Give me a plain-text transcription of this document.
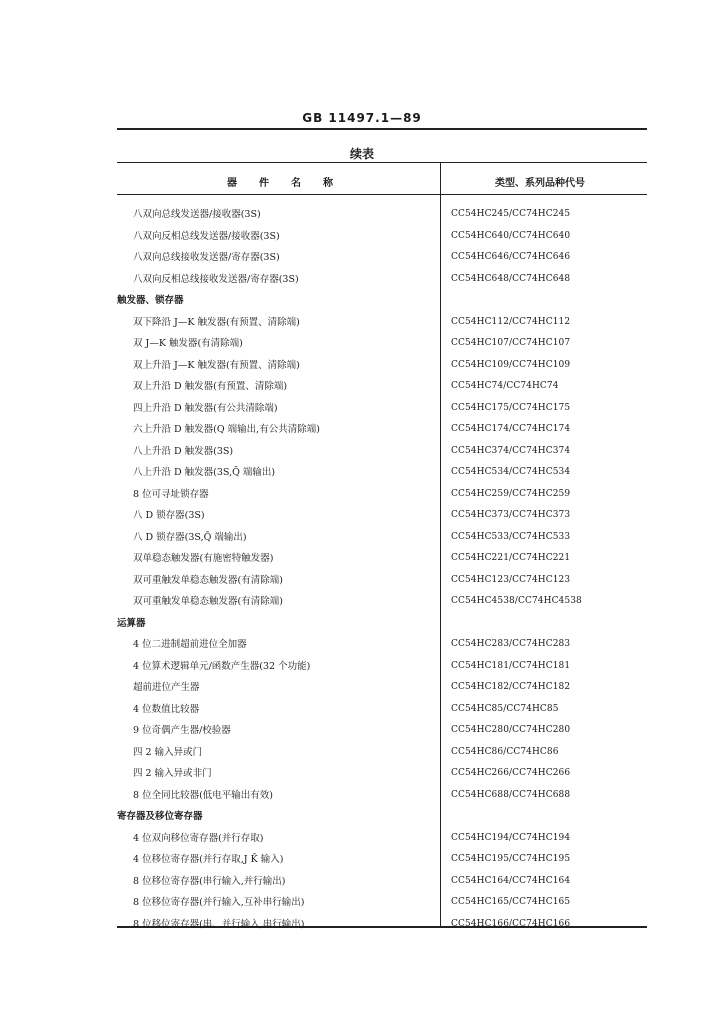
GB 11497.1—89
续表
器件名称	类型、系列品种代号
八双向总线发送器/接收器(3S)	CC54HC245/CC74HC245
八双向反相总线发送器/接收器(3S)	CC54HC640/CC74HC640
八双向总线接收发送器/寄存器(3S)	CC54HC646/CC74HC646
八双向反相总线接收发送器/寄存器(3S)	CC54HC648/CC74HC648
触发器、锁存器
双下降沿 J—K 触发器(有预置、清除端)	CC54HC112/CC74HC112
双 J—K 触发器(有清除端)	CC54HC107/CC74HC107
双上升沿 J—K 触发器(有预置、清除端)	CC54HC109/CC74HC109
双上升沿 D 触发器(有预置、清除端)	CC54HC74/CC74HC74
四上升沿 D 触发器(有公共清除端)	CC54HC175/CC74HC175
六上升沿 D 触发器(Q 端输出,有公共清除端)	CC54HC174/CC74HC174
八上升沿 D 触发器(3S)	CC54HC374/CC74HC374
八上升沿 D 触发器(3S,Q̄ 端输出)	CC54HC534/CC74HC534
8 位可寻址锁存器	CC54HC259/CC74HC259
八 D 锁存器(3S)	CC54HC373/CC74HC373
八 D 锁存器(3S,Q̄ 端输出)	CC54HC533/CC74HC533
双单稳态触发器(有施密特触发器)	CC54HC221/CC74HC221
双可重触发单稳态触发器(有清除端)	CC54HC123/CC74HC123
双可重触发单稳态触发器(有清除端)	CC54HC4538/CC74HC4538
运算器
4 位二进制超前进位全加器	CC54HC283/CC74HC283
4 位算术逻辑单元/函数产生器(32 个功能)	CC54HC181/CC74HC181
超前进位产生器	CC54HC182/CC74HC182
4 位数值比较器	CC54HC85/CC74HC85
9 位奇偶产生器/校验器	CC54HC280/CC74HC280
四 2 输入异或门	CC54HC86/CC74HC86
四 2 输入异或非门	CC54HC266/CC74HC266
8 位全同比较器(低电平输出有效)	CC54HC688/CC74HC688
寄存器及移位寄存器
4 位双向移位寄存器(并行存取)	CC54HC194/CC74HC194
4 位移位寄存器(并行存取,J K̄ 输入)	CC54HC195/CC74HC195
8 位移位寄存器(串行输入,并行输出)	CC54HC164/CC74HC164
8 位移位寄存器(并行输入,互补串行输出)	CC54HC165/CC74HC165
8 位移位寄存器(串、并行输入,串行输出)	CC54HC166/CC74HC166
